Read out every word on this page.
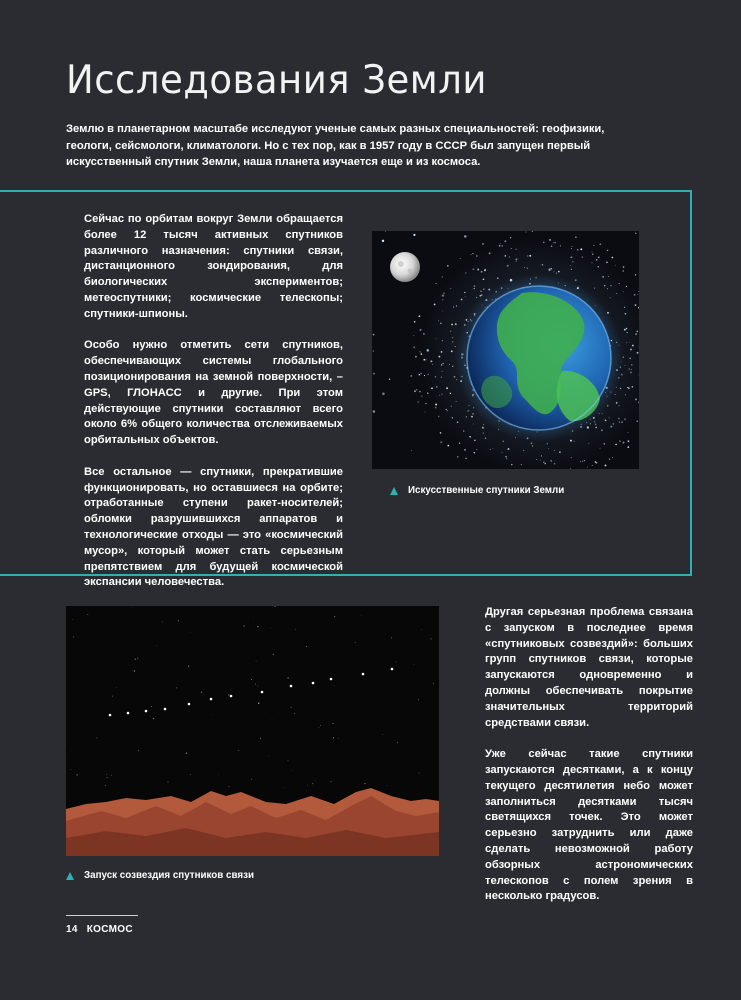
Исследования Земли

Землю в планетарном масштабе исследуют ученые самых разных специальностей: геофизики, геологи, сейсмологи, климатологи. Но с тех пор, как в 1957 году в СССР был запущен первый искусственный спутник Земли, наша планета изучается еще и из космоса.

Сейчас по орбитам вокруг Земли обращается более 12 тысяч активных спутников различного назначения: спутники связи, дистанционного зондирования, для биологических экспериментов; метеоспутники; космические телескопы; спутники-шпионы.

Особо нужно отметить сети спутников, обеспечивающих системы глобального позиционирования на земной поверхности, – GPS, ГЛОНАСС и другие. При этом действующие спутники составляют всего около 6% общего количества отслеживаемых орбитальных объектов.

Все остальное — спутники, прекратившие функционировать, но оставшиеся на орбите; отработанные ступени ракет-носителей; обломки разрушившихся аппаратов и технологические отходы — это «космический мусор», который может стать серьезным препятствием для будущей космической экспансии человечества.

Искусственные спутники Земли
Запуск созвездия спутников связи

Другая серьезная проблема связана с запуском в последнее время «спутниковых созвездий»: больших групп спутников связи, которые запускаются одновременно и должны обеспечивать покрытие значительных территорий средствами связи.

Уже сейчас такие спутники запускаются десятками, а к концу текущего десятилетия небо может заполниться десятками тысяч светящихся точек. Это может серьезно затруднить или даже сделать невозможной работу обзорных астрономических телескопов с полем зрения в несколько градусов.

14 КОСМОС
